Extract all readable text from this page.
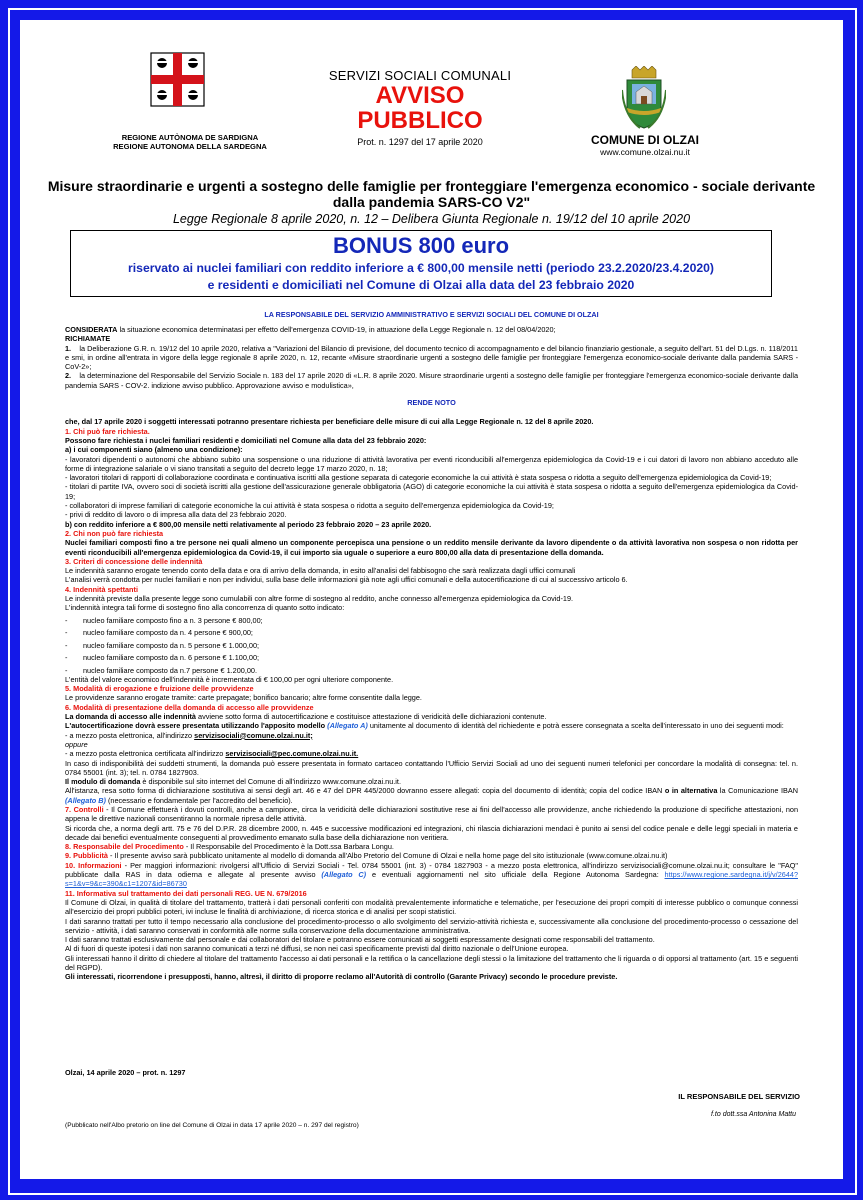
REGIONE AUTÒNOMA DE SARDIGNA
REGIONE AUTONOMA DELLA SARDEGNA
SERVIZI SOCIALI COMUNALI
AVVISO
PUBBLICO
Prot. n. 1297 del 17 aprile 2020	COMUNE DI OLZAI
www.comune.olzai.nu.it
Misure straordinarie e urgenti a sostegno delle famiglie per fronteggiare l'emergenza economico - sociale derivante dalla pandemia SARS-CO V2"
Legge Regionale 8 aprile 2020, n. 12 – Delibera Giunta Regionale n. 19/12 del 10 aprile 2020
BONUS 800 euro
riservato ai nuclei familiari con reddito inferiore a € 800,00 mensile netti (periodo 23.2.2020/23.4.2020)
e residenti e domiciliati nel Comune di Olzai alla data del 23 febbraio 2020
LA RESPONSABILE DEL SERVIZIO AMMINISTRATIVO E SERVIZI SOCIALI DEL COMUNE DI OLZAI

CONSIDERATA la situazione economica determinatasi per effetto dell'emergenza COVID-19, in attuazione della Legge Regionale n. 12 del 08/04/2020;

RICHIAMATE

1. la Deliberazione G.R. n. 19/12 del 10 aprile 2020, relativa a "Variazioni del Bilancio di previsione, del documento tecnico di accompagnamento e del bilancio finanziario gestionale, a seguito dell'art. 51 del D.Lgs. n. 118/2011 e smi, in ordine all'entrata in vigore della legge regionale 8 aprile 2020, n. 12, recante «Misure straordinarie urgenti a sostegno delle famiglie per fronteggiare l'emergenza economico-sociale derivante dalla pandemia SARS - CoV-2»;

2. la determinazione del Responsabile del Servizio Sociale n. 183 del 17 aprile 2020 di «L.R. 8 aprile 2020. Misure straordinarie urgenti a sostegno delle famiglie per fronteggiare l'emergenza economico-sociale derivante dalla pandemia SARS - COV-2. indizione avviso pubblico. Approvazione avviso e modulistica»,

RENDE NOTO

che, dal 17 aprile 2020 i soggetti interessati potranno presentare richiesta per beneficiare delle misure di cui alla Legge Regionale n. 12 del 8 aprile 2020.

1. Chi può fare richiesta.

Possono fare richiesta i nuclei familiari residenti e domiciliati nel Comune alla data del 23 febbraio 2020:

a) i cui componenti siano (almeno una condizione):

- lavoratori dipendenti o autonomi che abbiano subito una sospensione o una riduzione di attività lavorativa per eventi riconducibili all'emergenza epidemiologica da Covid-19 e i cui datori di lavoro non abbiano acceduto alle forme di integrazione salariale o vi siano transitati a seguito del decreto legge 17 marzo 2020, n. 18;

- lavoratori titolari di rapporti di collaborazione coordinata e continuativa iscritti alla gestione separata di categorie economiche la cui attività è stata sospesa o ridotta a seguito dell'emergenza epidemiologica da Covid-19;

- titolari di partite IVA, ovvero soci di società iscritti alla gestione dell'assicurazione generale obbligatoria (AGO) di categorie economiche la cui attività è stata sospesa o ridotta a seguito dell'emergenza epidemiologica da Covid-19;

- collaboratori di imprese familiari di categorie economiche la cui attività è stata sospesa o ridotta a seguito dell'emergenza epidemiologica da Covid-19;

- privi di reddito di lavoro o di impresa alla data del 23 febbraio 2020.

b) con reddito inferiore a € 800,00 mensile netti relativamente al periodo 23 febbraio 2020 – 23 aprile 2020.

2. Chi non può fare richiesta

Nuclei familiari composti fino a tre persone nei quali almeno un componente percepisca una pensione o un reddito mensile derivante da lavoro dipendente o da attività lavorativa non sospesa o non ridotta per eventi riconducibili all'emergenza epidemiologica da Covid-19, il cui importo sia uguale o superiore a euro 800,00 alla data di presentazione della domanda.

3. Criteri di concessione delle indennità

Le indennità saranno erogate tenendo conto della data e ora di arrivo della domanda, in esito all'analisi del fabbisogno che sarà realizzata dagli uffici comunali

L'analisi verrà condotta per nuclei familiari e non per individui, sulla base delle informazioni già note agli uffici comunali e della autocertificazione di cui al successivo articolo 6.

4. Indennità spettanti

Le indennità previste dalla presente legge sono cumulabili con altre forme di sostegno al reddito, anche connesso all'emergenza epidemiologica da Covid-19.

L'indennità integra tali forme di sostegno fino alla concorrenza di quanto sotto indicato:

- nucleo familiare composto fino a n. 3 persone € 800,00;

- nucleo familiare composto da n. 4 persone € 900,00;

- nucleo familiare composto da n. 5 persone € 1.000,00;

- nucleo familiare composto da n. 6 persone € 1.100,00;

- nucleo familiare composto da n.7 persone € 1.200,00.

L'entità del valore economico dell'indennità è incrementata di € 100,00 per ogni ulteriore componente.

5. Modalità di erogazione e fruizione delle provvidenze

Le provvidenze saranno erogate tramite: carte prepagate; bonifico bancario; altre forme consentite dalla legge.

6. Modalità di presentazione della domanda di accesso alle provvidenze

La domanda di accesso alle indennità avviene sotto forma di autocertificazione e costituisce attestazione di veridicità delle dichiarazioni contenute.

L'autocertificazione dovrà essere presentata utilizzando l'apposito modello (Allegato A) unitamente al documento di identità del richiedente e potrà essere consegnata a scelta dell'interessato in uno dei seguenti modi:

- a mezzo posta elettronica, all'indirizzo servizisociali@comune.olzai.nu.it;

oppure

- a mezzo posta elettronica certificata all'indirizzo servizisociali@pec.comune.olzai.nu.it.

In caso di indisponibilità dei suddetti strumenti, la domanda può essere presentata in formato cartaceo contattando l'Ufficio Servizi Sociali ad uno dei seguenti numeri telefonici per concordare la modalità di consegna: tel. n. 0784 55001 (int. 3); tel. n. 0784 1827903.

Il modulo di domanda è disponibile sul sito internet del Comune di all'indirizzo www.comune.olzai.nu.it.

All'istanza, resa sotto forma di dichiarazione sostitutiva ai sensi degli art. 46 e 47 del DPR 445/2000 dovranno essere allegati: copia del documento di identità; copia del codice IBAN o in alternativa la Comunicazione IBAN (Allegato B) (necessario e fondamentale per l'accredito del beneficio).

7. Controlli - Il Comune effettuerà i dovuti controlli, anche a campione, circa la veridicità delle dichiarazioni sostitutive rese ai fini dell'accesso alle provvidenze, anche richiedendo la produzione di specifiche attestazioni, non appena le direttive nazionali consentiranno la normale ripresa delle attività.

Si ricorda che, a norma degli artt. 75 e 76 del D.P.R. 28 dicembre 2000, n. 445 e successive modificazioni ed integrazioni, chi rilascia dichiarazioni mendaci è punito ai sensi del codice penale e delle leggi speciali in materia e decade dai benefici eventualmente conseguenti al provvedimento emanato sulla base della dichiarazione non veritiera.

8. Responsabile del Procedimento - Il Responsabile del Procedimento è la Dott.ssa Barbara Longu.

9. Pubblicità - Il presente avviso sarà pubblicato unitamente al modello di domanda all'Albo Pretorio del Comune di Olzai e nella home page del sito istituzionale (www.comune.olzai.nu.it)

10. Informazioni - Per maggiori informazioni: rivolgersi all'Ufficio di Servizi Sociali - Tel. 0784 55001 (int. 3) - 0784 1827903 - a mezzo posta elettronica, all'indirizzo servizisociali@comune.olzai.nu.it; consultare le "FAQ" pubblicate dalla RAS in data odierna e allegate al presente avviso (Allegato C) e eventuali aggiornamenti nel sito ufficiale della Regione Autonoma Sardegna: https://www.regione.sardegna.it/j/v/2644?s=1&v=9&c=390&c1=1207&id=86730

11. Informativa sul trattamento dei dati personali REG. UE N. 679/2016

Il Comune di Olzai, in qualità di titolare del trattamento, tratterà i dati personali conferiti con modalità prevalentemente informatiche e telematiche, per l'esecuzione dei propri compiti di interesse pubblico o comunque connessi all'esercizio dei propri pubblici poteri, ivi incluse le finalità di archiviazione, di ricerca storica e di analisi per scopi statistici.

I dati saranno trattati per tutto il tempo necessario alla conclusione del procedimento-processo o allo svolgimento del servizio-attività richiesta e, successivamente alla conclusione del procedimento-processo o cessazione del servizio - attività, i dati saranno conservati in conformità alle norme sulla conservazione della documentazione amministrativa.

I dati saranno trattati esclusivamente dal personale e dai collaboratori del titolare e potranno essere comunicati ai soggetti espressamente designati come responsabili del trattamento.

Al di fuori di queste ipotesi i dati non saranno comunicati a terzi né diffusi, se non nei casi specificamente previsti dal diritto nazionale o dell'Unione europea.

Gli interessati hanno il diritto di chiedere al titolare del trattamento l'accesso ai dati personali e la rettifica o la cancellazione degli stessi o la limitazione del trattamento che li riguarda o di opporsi al trattamento (art. 15 e seguenti del RGPD).

Gli interessati, ricorrendone i presupposti, hanno, altresì, il diritto di proporre reclamo all'Autorità di controllo (Garante Privacy) secondo le procedure previste.

Olzai, 14 aprile 2020 – prot. n. 1297
IL RESPONSABILE DEL SERVIZIO
f.to dott.ssa Antonina Mattu
(Pubblicato nell'Albo pretorio on line del Comune di Olzai in data 17 aprile 2020 – n. 297 del registro)
